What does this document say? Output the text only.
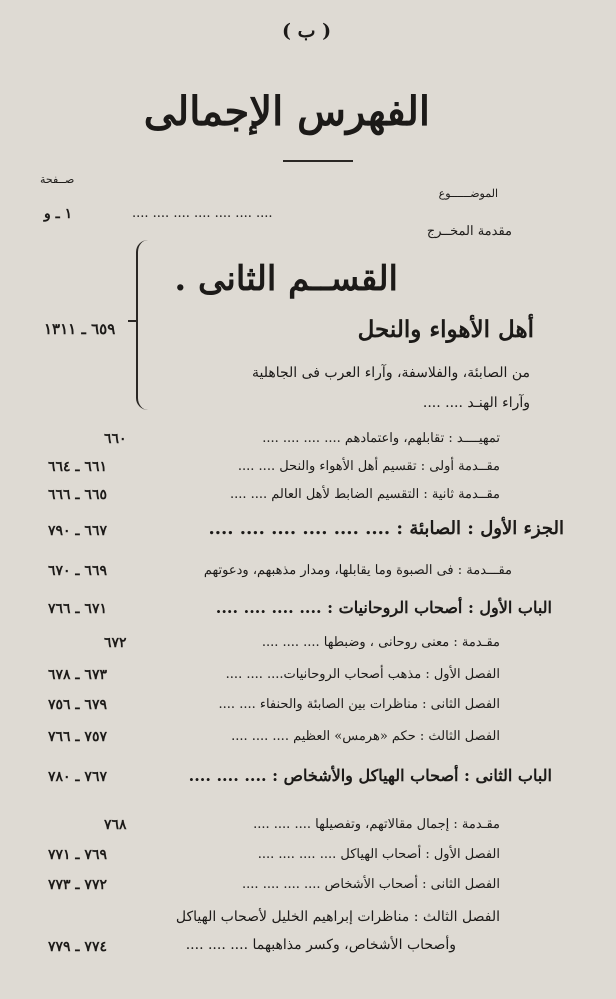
( ب )
الفهرس الإجمالى
صــفحة
الموضــــــوع
مقدمة المخــرج
.... .... .... .... .... .... ....
١ ـ و
القســم الثانى .
٦٥٩ ـ ١٣١١	أهل الأهواء والنحل
من الصابئة، والفلاسفة، وآراء العرب فى الجاهلية
وآراء الهنـد .... ....
تمهيــــد : تقابلهم، واعتمادهم .... .... .... ....
٦٦٠
مقــدمة أولى : تقسيم أهل الأهواء والنحل .... ....
٦٦١ ـ ٦٦٤
مقــدمة ثانية : التقسيم الضابط لأهل العالم .... ....
٦٦٥ ـ ٦٦٦
الجزء الأول : الصابئة : .... .... .... .... .... ....
٦٦٧ ـ ٧٩٠
مقـــدمة : فى الصبوة وما يقابلها، ومدار مذهبهم، ودعوتهم
٦٦٩ ـ ٦٧٠
الباب الأول : أصحاب الروحانيات : .... .... .... ....
٦٧١ ـ ٧٦٦
مقـدمة : معنى روحانى ، وضبطها .... .... ....
٦٧٢
الفصل الأول : مذهب أصحاب الروحانيات.... .... ....
٦٧٣ ـ ٦٧٨
الفصل الثانى : مناظرات بين الصابئة والحنفاء .... ....
٦٧٩ ـ ٧٥٦
الفصل الثالث : حكم «هرمس» العظيم .... .... ....
٧٥٧ ـ ٧٦٦
الباب الثانى : أصحاب الهياكل والأشخاص : .... .... ....
٧٦٧ ـ ٧٨٠
مقـدمة : إجمال مقالاتهم، وتفصيلها .... .... ....
٧٦٨
الفصل الأول : أصحاب الهياكل .... .... .... ....
٧٦٩ ـ ٧٧١
الفصل الثانى : أصحاب الأشخاص .... .... .... ....
٧٧٢ ـ ٧٧٣
الفصل الثالث : مناظرات إبراهيم الخليل لأصحاب الهياكل
وأصحاب الأشخاص، وكسر مذاهبهما .... .... ....
٧٧٤ ـ ٧٧٩
